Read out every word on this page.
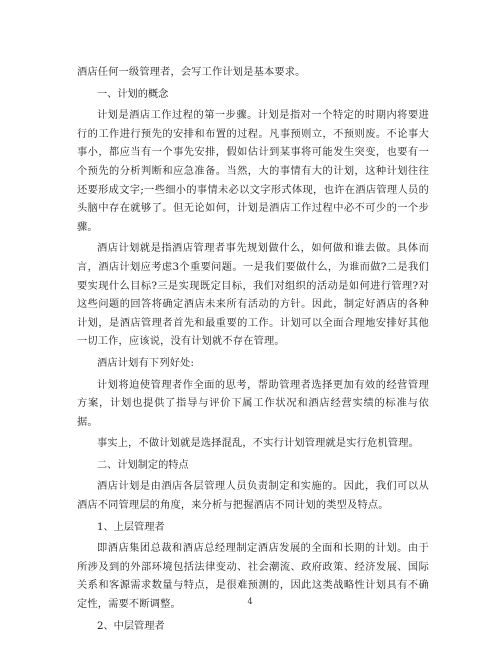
酒店任何一级管理者，会写工作计划是基本要求。

一、计划的概念

计划是酒店工作过程的第一步骤。计划是指对一个特定的时期内将要进行的工作进行预先的安排和布置的过程。凡事预则立，不预则废。不论事大事小，都应当有一个事先安排，假如估计到某事将可能发生突变，也要有一个预先的分析判断和应急准备。当然，大的事情有大的计划，这种计划往往还要形成文字;一些细小的事情未必以文字形式体现，也许在酒店管理人员的头脑中存在就够了。但无论如何，计划是酒店工作过程中必不可少的一个步骤。

酒店计划就是指酒店管理者事先规划做什么，如何做和谁去做。具体而言，酒店计划应考虑3个重要问题。一是我们要做什么，为谁而做?二是我们要实现什么目标?三是实现既定目标，我们对组织的活动是如何进行管理?对这些问题的回答将确定酒店未来所有活动的方针。因此，制定好酒店的各种计划，是酒店管理者首先和最重要的工作。计划可以全面合理地安排好其他一切工作，应该说，没有计划就不存在管理。

酒店计划有下列好处:

计划将迫使管理者作全面的思考，帮助管理者选择更加有效的经营管理方案，计划也提供了指导与评价下属工作状况和酒店经营实绩的标准与依据。

事实上，不做计划就是选择混乱，不实行计划管理就是实行危机管理。

二、计划制定的特点

酒店计划是由酒店各层管理人员负责制定和实施的。因此，我们可以从酒店不同管理层的角度，来分析与把握酒店不同计划的类型及特点。

1、上层管理者

即酒店集团总裁和酒店总经理制定酒店发展的全面和长期的计划。由于所涉及到的外部环境包括法律变动、社会潮流、政府政策、经济发展、国际关系和客源需求数量与特点，是很难预测的，因此这类战略性计划具有不确定性，需要不断调整。

2、中层管理者

4
